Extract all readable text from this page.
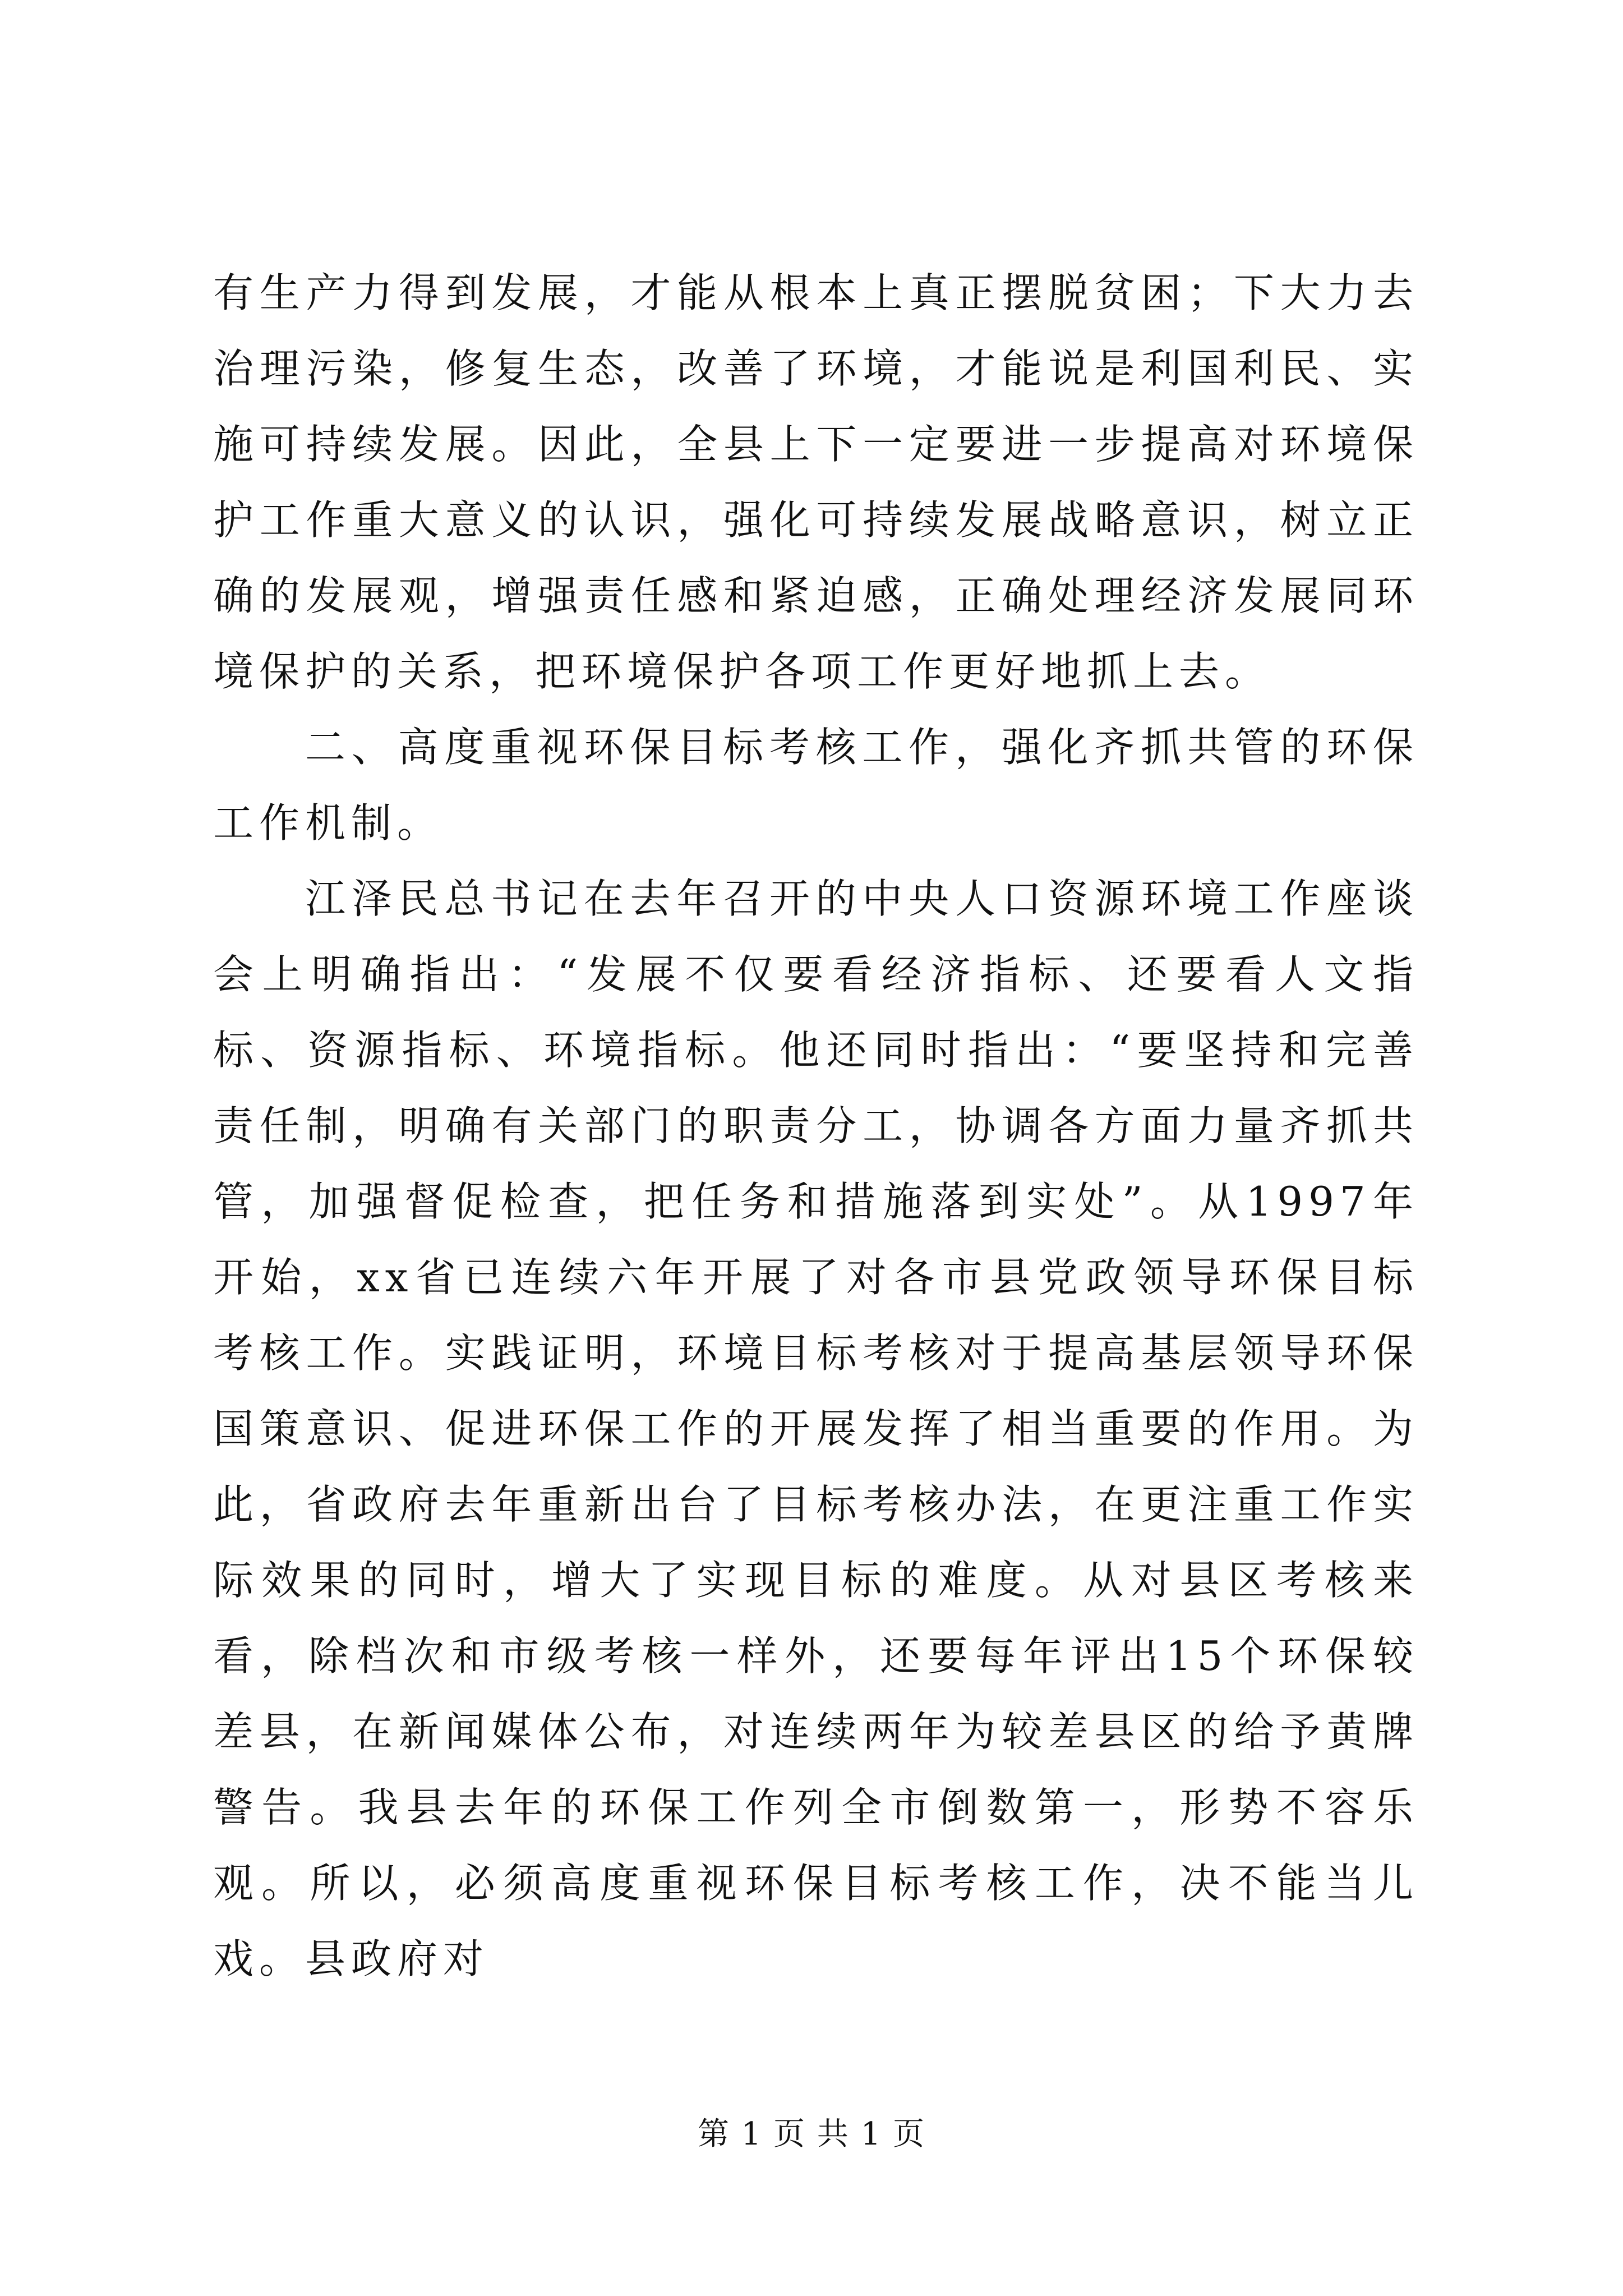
有生产力得到发展，才能从根本上真正摆脱贫困；下大力去治理污染，修复生态，改善了环境，才能说是利国利民、实施可持续发展。因此，全县上下一定要进一步提高对环境保护工作重大意义的认识，强化可持续发展战略意识，树立正确的发展观，增强责任感和紧迫感，正确处理经济发展同环境保护的关系，把环境保护各项工作更好地抓上去。

二、高度重视环保目标考核工作，强化齐抓共管的环保工作机制。

江泽民总书记在去年召开的中央人口资源环境工作座谈会上明确指出：“发展不仅要看经济指标、还要看人文指标、资源指标、环境指标。他还同时指出：“要坚持和完善责任制，明确有关部门的职责分工，协调各方面力量齐抓共管，加强督促检查，把任务和措施落到实处”。从1997年开始，xx省已连续六年开展了对各市县党政领导环保目标考核工作。实践证明，环境目标考核对于提高基层领导环保国策意识、促进环保工作的开展发挥了相当重要的作用。为此，省政府去年重新出台了目标考核办法，在更注重工作实际效果的同时，增大了实现目标的难度。从对县区考核来看，除档次和市级考核一样外，还要每年评出15个环保较差县，在新闻媒体公布，对连续两年为较差县区的给予黄牌警告。我县去年的环保工作列全市倒数第一，形势不容乐观。所以，必须高度重视环保目标考核工作，决不能当儿戏。县政府对

第 1 页 共 1 页
